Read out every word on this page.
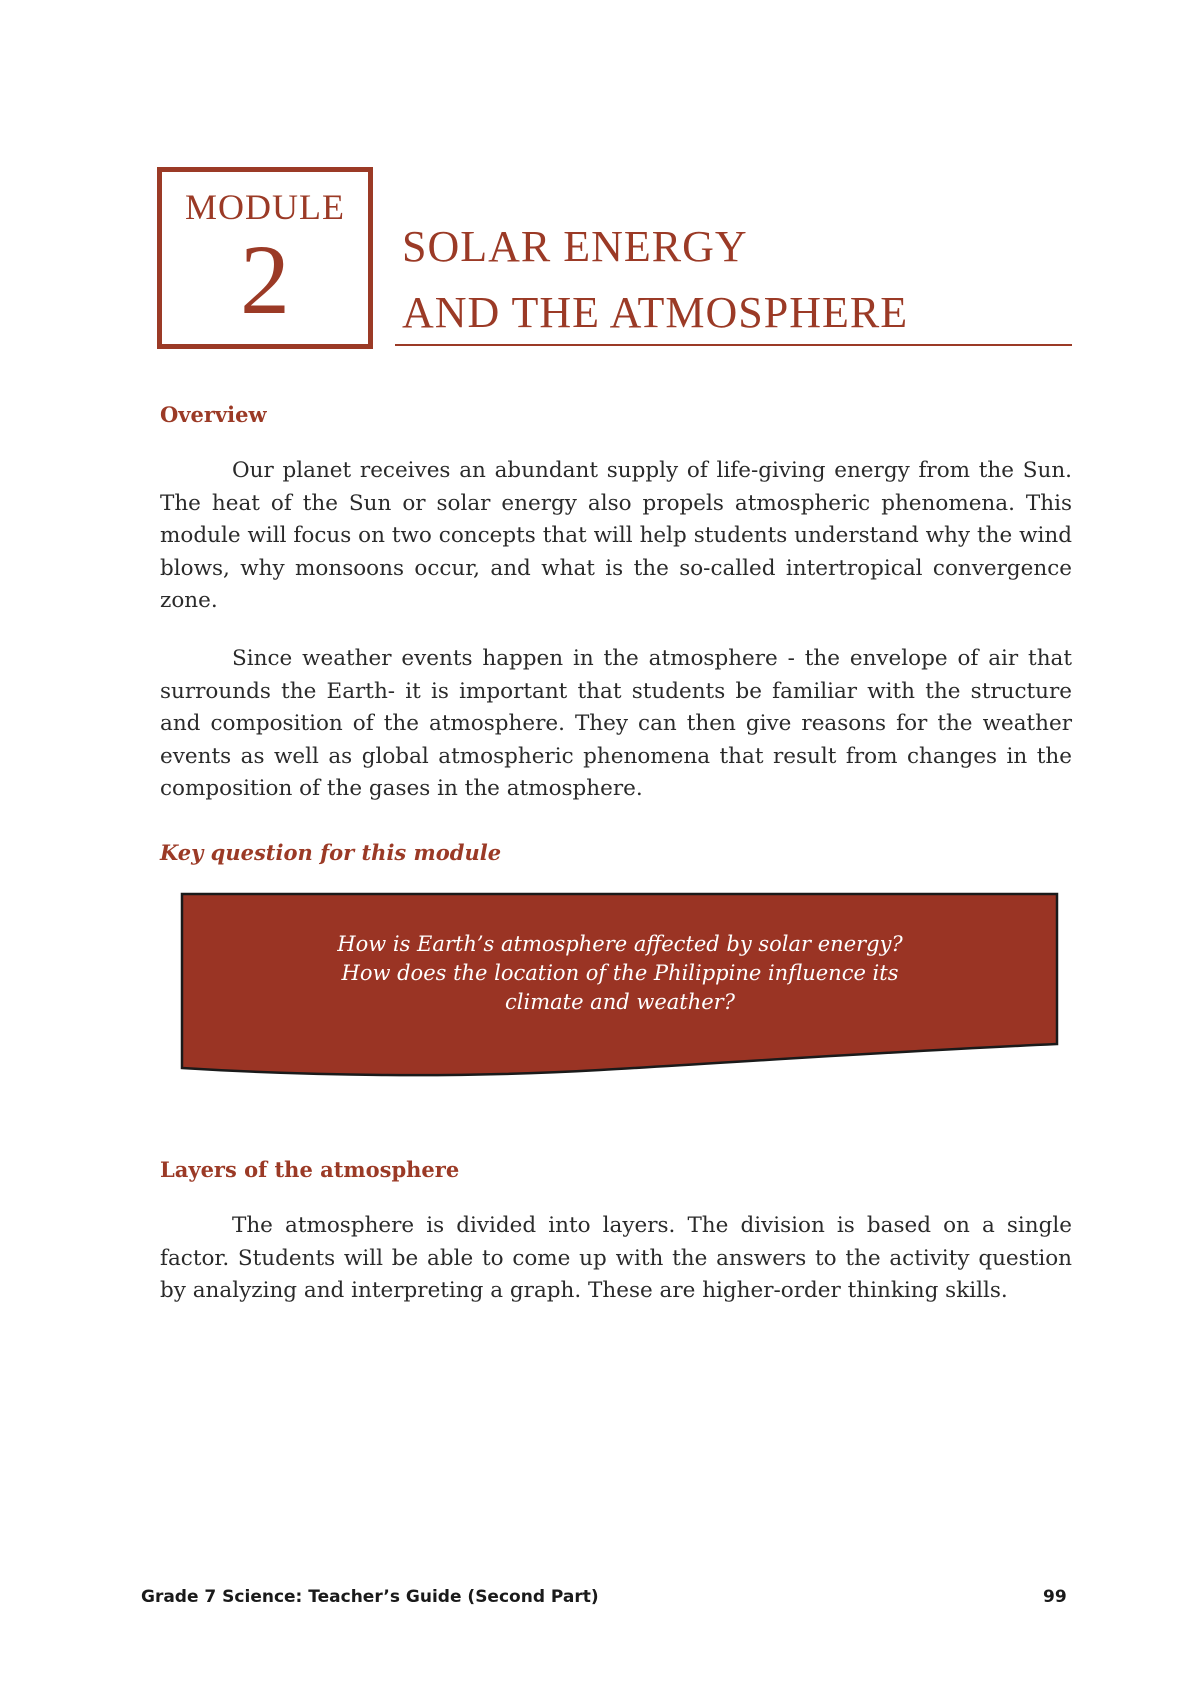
MODULE
2	SOLAR ENERGY
AND THE ATMOSPHERE
Overview

Our planet receives an abundant supply of life-giving energy from the Sun. The heat of the Sun or solar energy also propels atmospheric phenomena. This module will focus on two concepts that will help students understand why the wind blows, why monsoons occur, and what is the so-called intertropical convergence zone.

Since weather events happen in the atmosphere - the envelope of air that surrounds the Earth- it is important that students be familiar with the structure and composition of the atmosphere. They can then give reasons for the weather events as well as global atmospheric phenomena that result from changes in the composition of the gases in the atmosphere.

Key question for this module
How is Earth’s atmosphere affected by solar energy?
How does the location of the Philippine influence its
climate and weather?
Layers of the atmosphere

The atmosphere is divided into layers. The division is based on a single factor. Students will be able to come up with the answers to the activity question by analyzing and interpreting a graph. These are higher-order thinking skills.

Grade 7 Science: Teacher’s Guide (Second Part)	99
